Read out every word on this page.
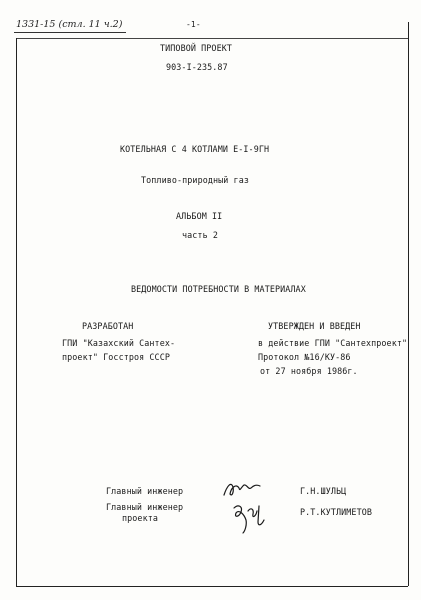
1331-15 (стл. 11 ч.2)	-1-
ТИПОВОЙ ПРОЕКТ
903-I-235.87
КОТЕЛЬНАЯ С 4 КОТЛАМИ Е-I-9ГН
Топливо-природный газ
АЛЬБОМ II
часть 2
ВЕДОМОСТИ ПОТРЕБНОСТИ В МАТЕРИАЛАХ
РАЗРАБОТАН
ГПИ "Казахский Сантех-
проект" Госстроя СССР
УТВЕРЖДЕН И ВВЕДЕН
в действие ГПИ "Сантехпроект"
Протокол №16/КУ-86
от 27 ноября 1986г.
Главный инженер	Г.Н.ШУЛЬЦ
Главный инженер
проекта
Р.Т.КУТЛИМЕТОВ
